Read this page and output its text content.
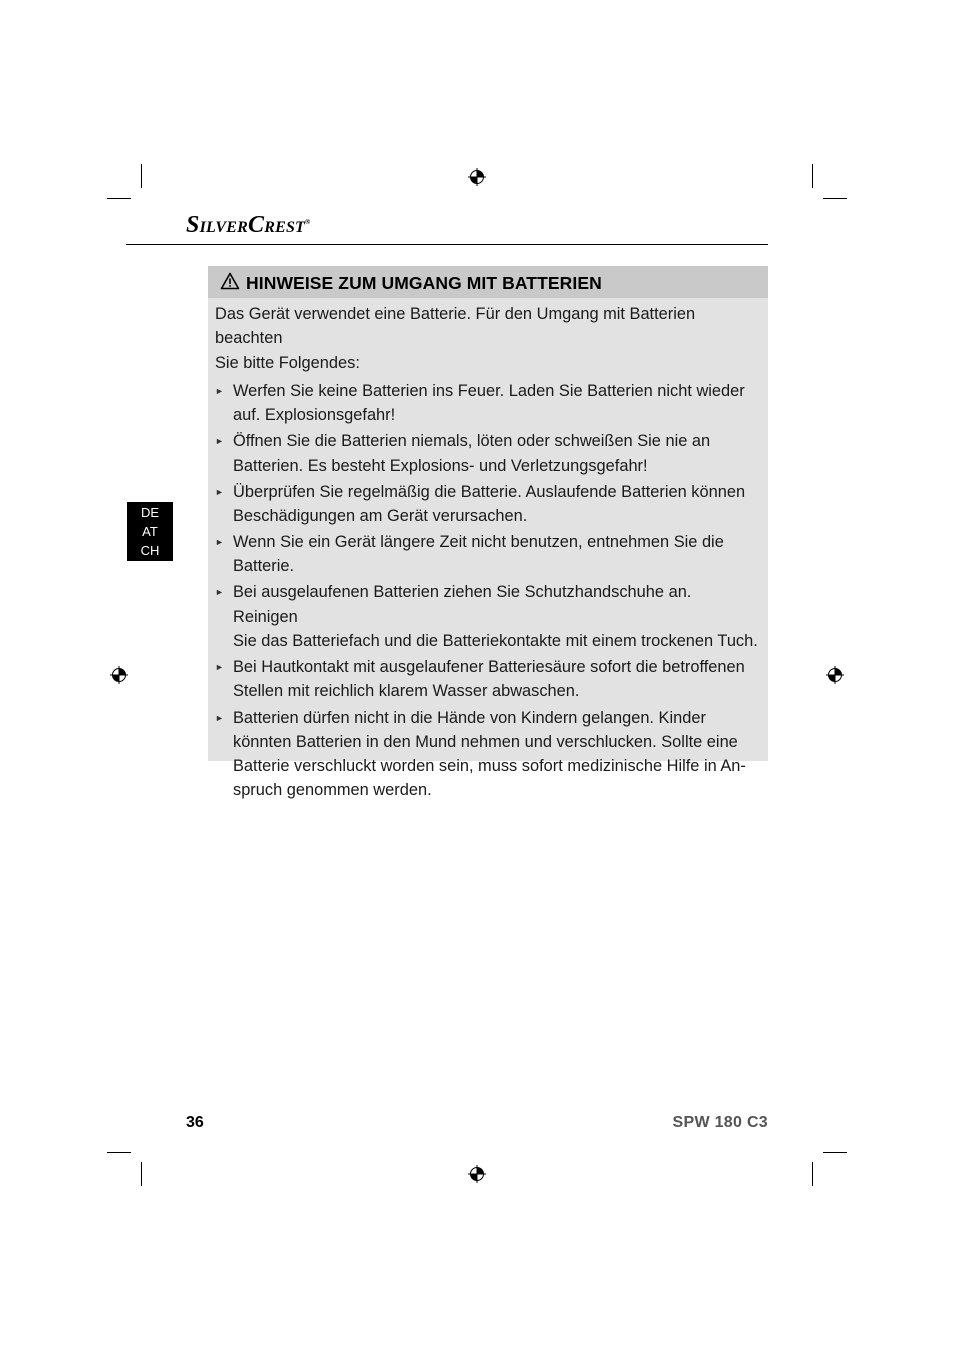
SILVERCREST®
DE
AT
CH
HINWEISE ZUM UMGANG MIT BATTERIEN

Das Gerät verwendet eine Batterie. Für den Umgang mit Batterien beachten
Sie bitte Folgendes:

► Werfen Sie keine Batterien ins Feuer. Laden Sie Batterien nicht wieder
auf. Explosionsgefahr!
► Öffnen Sie die Batterien niemals, löten oder schweißen Sie nie an
Batterien. Es besteht Explosions- und Verletzungsgefahr!
► Überprüfen Sie regelmäßig die Batterie. Auslaufende Batterien können
Beschädigungen am Gerät verursachen.
► Wenn Sie ein Gerät längere Zeit nicht benutzen, entnehmen Sie die
Batterie.
► Bei ausgelaufenen Batterien ziehen Sie Schutzhandschuhe an. Reinigen
Sie das Batteriefach und die Batteriekontakte mit einem trockenen Tuch.
► Bei Hautkontakt mit ausgelaufener Batteriesäure sofort die betroffenen
Stellen mit reichlich klarem Wasser abwaschen.
► Batterien dürfen nicht in die Hände von Kindern gelangen. Kinder
könnten Batterien in den Mund nehmen und verschlucken. Sollte eine
Batterie verschluckt worden sein, muss sofort medizinische Hilfe in An-
spruch genommen werden.
36	SPW 180 C3
